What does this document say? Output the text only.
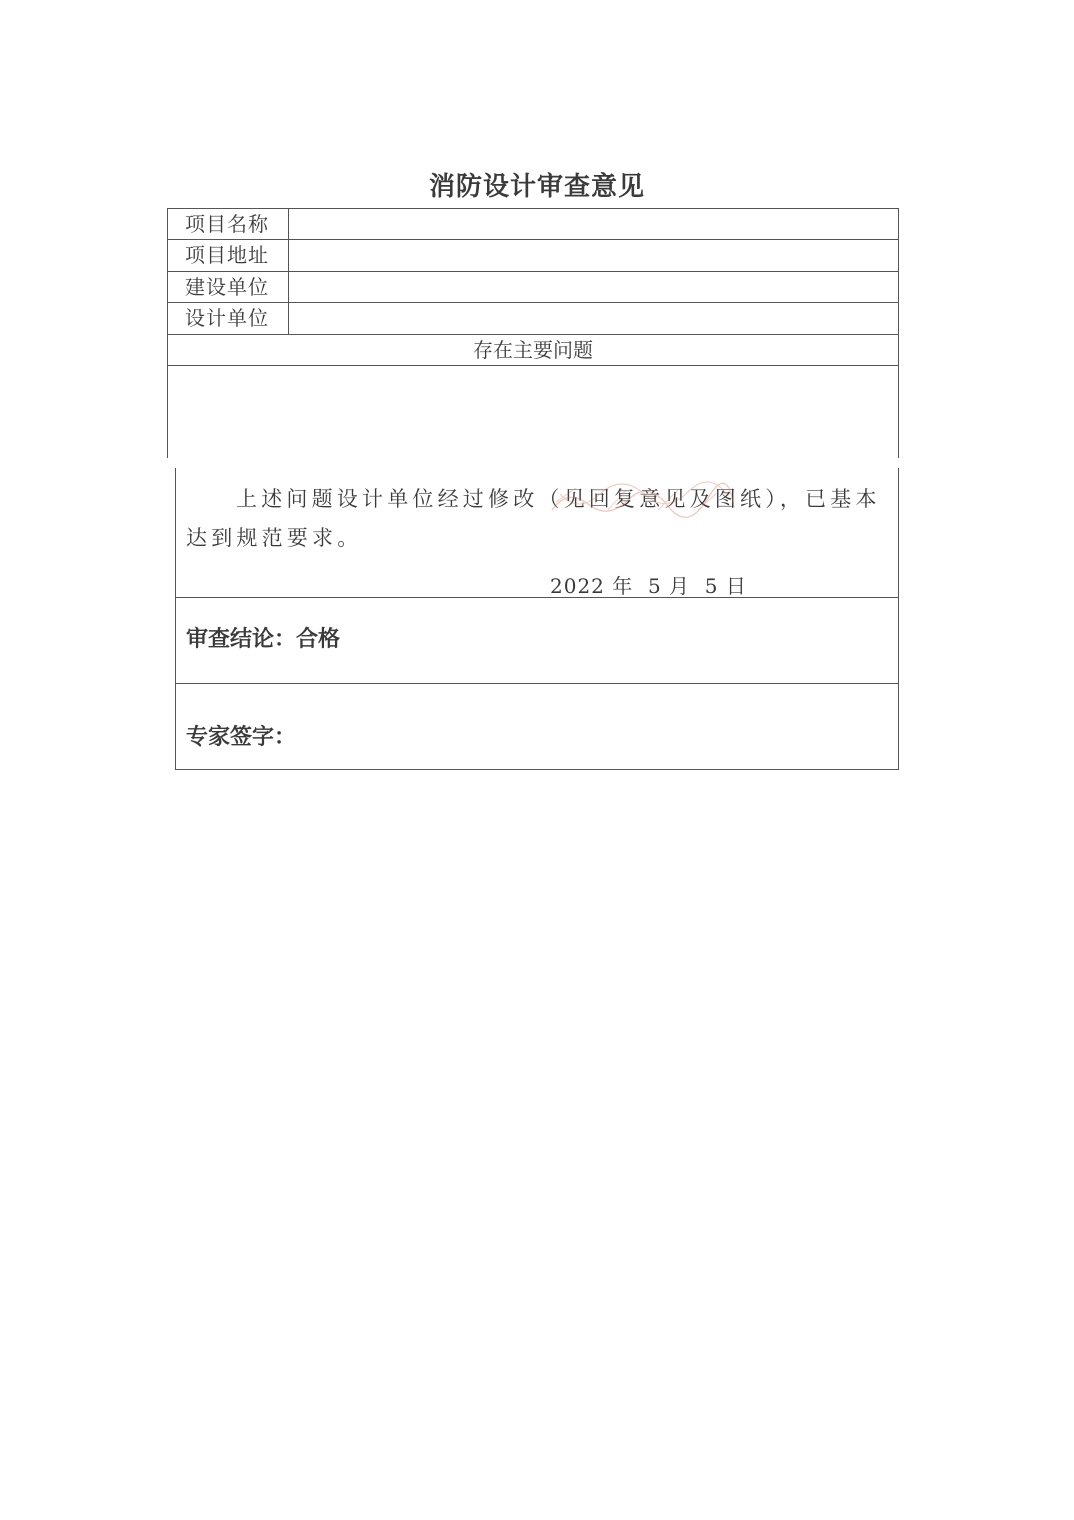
消防设计审查意见
项目名称
项目地址
建设单位
设计单位
存在主要问题
上述问题设计单位经过修改（见回复意见及图纸），已基本达到规范要求。
2022 年  5 月  5 日
审查结论：合格
专家签字：
